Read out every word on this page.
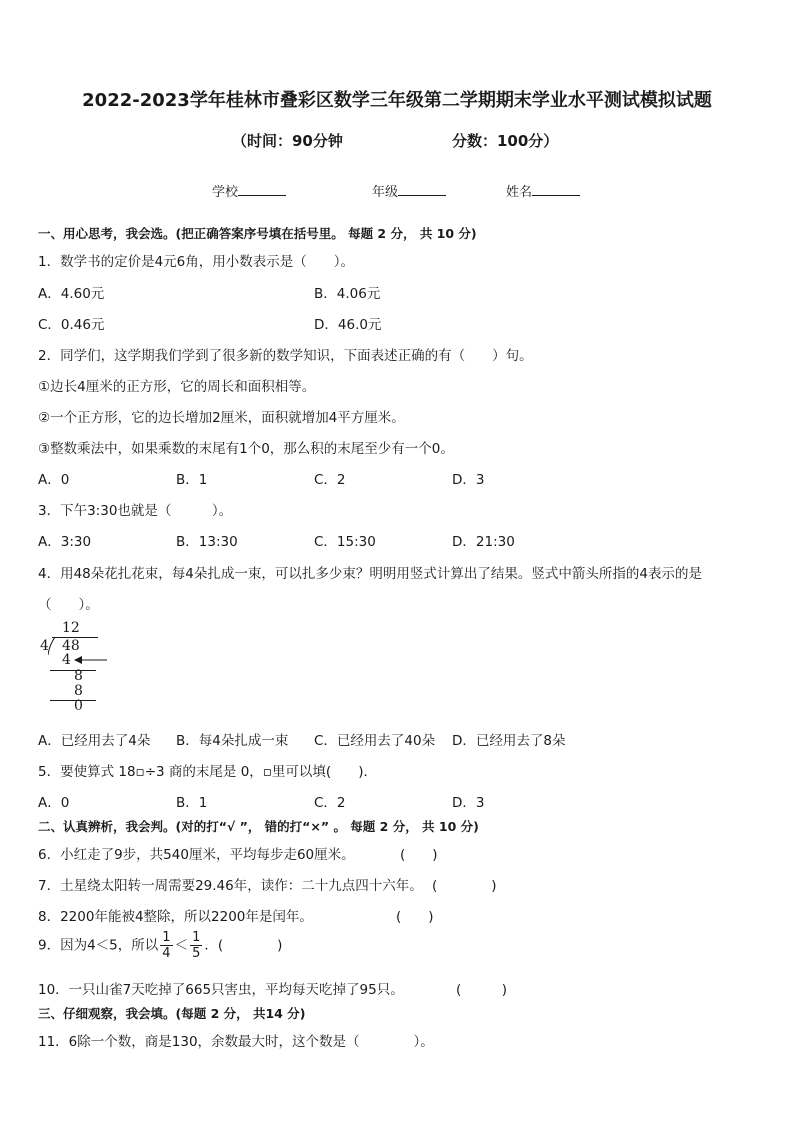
2022-2023学年桂林市叠彩区数学三年级第二学期期末学业水平测试模拟试题
（时间：90分钟	分数：100分）
学校	年级	姓名
一、用心思考，我会选。(把正确答案序号填在括号里。 每题 2 分， 共 10 分)
1．数学书的定价是4元6角，用小数表示是（　　）。
A．4.60元	B．4.06元
C．0.46元	D．46.0元
2．同学们，这学期我们学到了很多新的数学知识，下面表述正确的有（　　）句。
①边长4厘米的正方形，它的周长和面积相等。
②一个正方形，它的边长增加2厘米，面积就增加4平方厘米。
③整数乘法中，如果乘数的末尾有1个0，那么积的末尾至少有一个0。
A．0	B．1	C．2	D．3
3．下午3:30也就是（　　　）。
A．3:30	B．13:30	C．15:30	D．21:30
4．用48朵花扎花束，每4朵扎成一束，可以扎多少束？明明用竖式计算出了结果。竖式中箭头所指的4表示的是
（　　）。
12
4 48
4
8
8
0
A．已经用去了4朵 B．每4朵扎成一束 C．已经用去了40朵 D．已经用去了8朵
5．要使算式 18▫÷3 商的末尾是 0，▫里可以填(　　)．
A．0	B．1	C．2	D．3
二、认真辨析，我会判。(对的打“√ ”， 错的打“×” 。 每题 2 分， 共 10 分)
6．小红走了9步，共540厘米，平均每步走60厘米。	(　　)
7．土星绕太阳转一周需要29.46年，读作：二十九点四十六年。 (　　　　)
8．2200年能被4整除，所以2200年是闰年。	(　　)
9．因为4＜5，所以 $\frac{1}{4} < \frac{1}{5}$ ．(　　　　)
10．一只山雀7天吃掉了665只害虫，平均每天吃掉了95只。	(　　　)
三、仔细观察，我会填。(每题 2 分， 共14 分)
11．6除一个数，商是130，余数最大时，这个数是（　　　　）。
